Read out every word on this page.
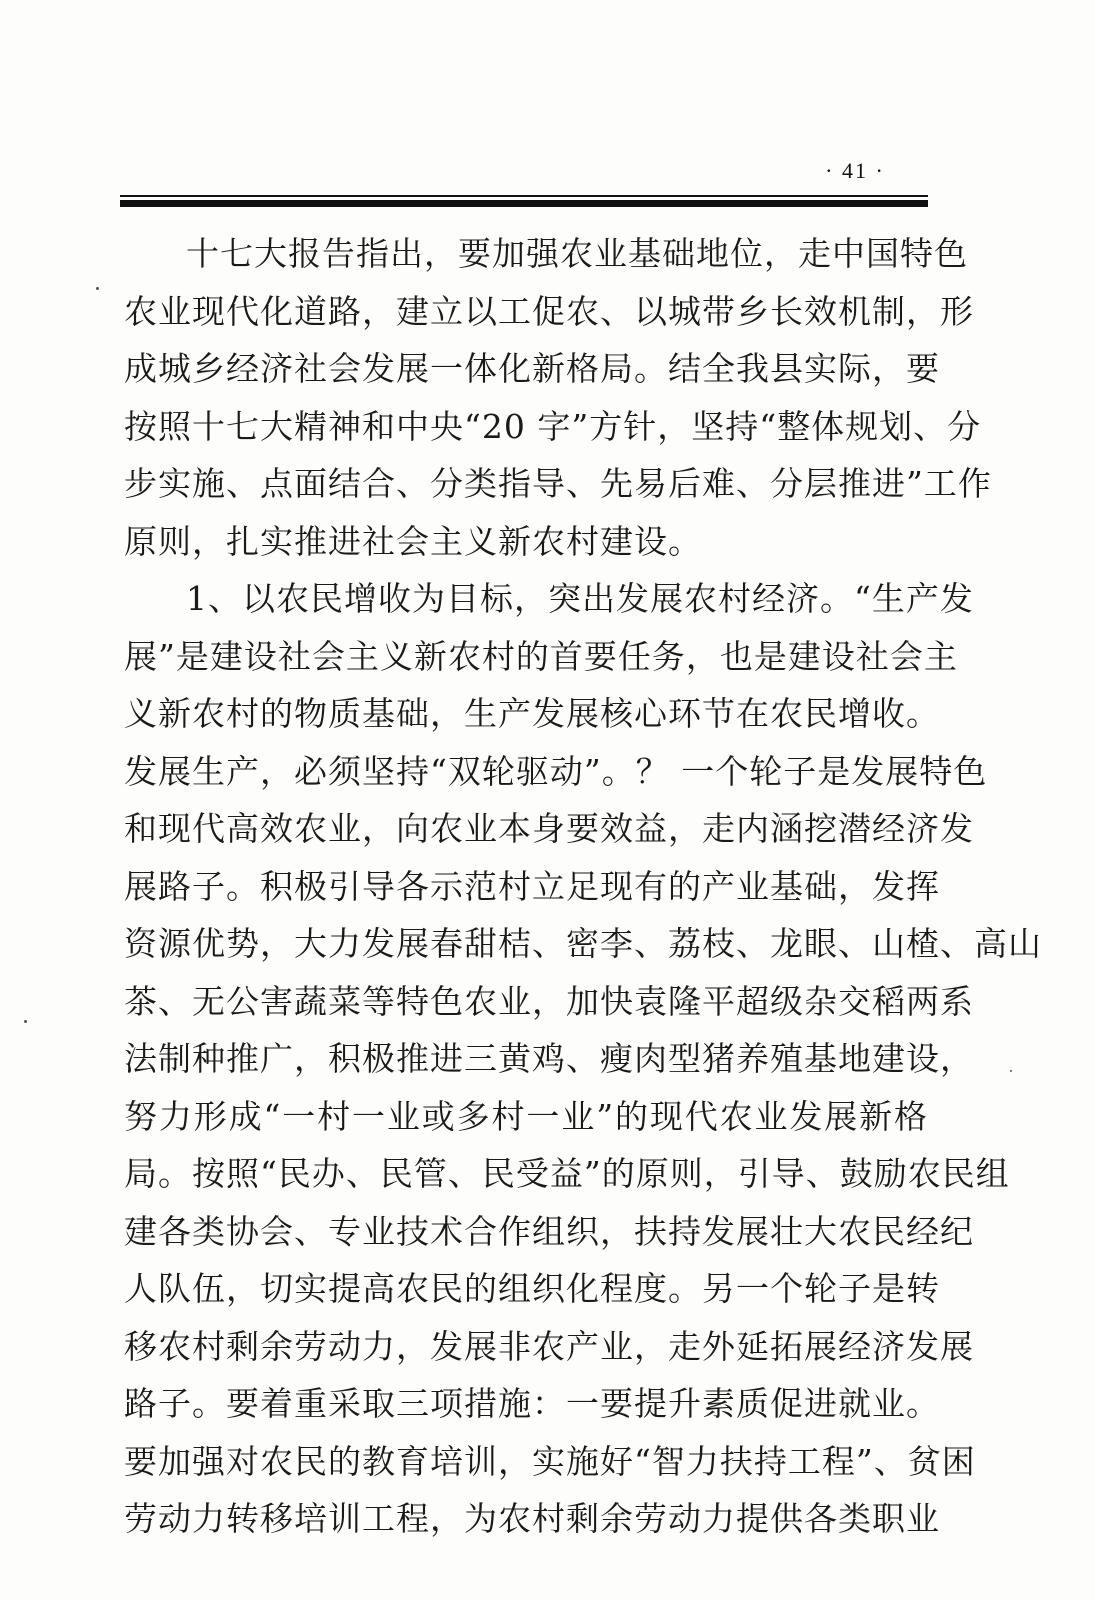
· 41 ·
十七大报告指出，要加强农业基础地位，走中国特色
农业现代化道路，建立以工促农、以城带乡长效机制，形
成城乡经济社会发展一体化新格局。结全我县实际，要
按照十七大精神和中央“20 字”方针，坚持“整体规划、分
步实施、点面结合、分类指导、先易后难、分层推进”工作
原则，扎实推进社会主义新农村建设。
1、以农民增收为目标，突出发展农村经济。“生产发
展”是建设社会主义新农村的首要任务，也是建设社会主
义新农村的物质基础，生产发展核心环节在农民增收。
发展生产，必须坚持“双轮驱动”。？ 一个轮子是发展特色
和现代高效农业，向农业本身要效益，走内涵挖潜经济发
展路子。积极引导各示范村立足现有的产业基础，发挥
资源优势，大力发展春甜桔、密李、荔枝、龙眼、山楂、高山
茶、无公害蔬菜等特色农业，加快袁隆平超级杂交稻两系
法制种推广，积极推进三黄鸡、瘦肉型猪养殖基地建设，
努力形成“一村一业或多村一业”的现代农业发展新格
局。按照“民办、民管、民受益”的原则，引导、鼓励农民组
建各类协会、专业技术合作组织，扶持发展壮大农民经纪
人队伍，切实提高农民的组织化程度。另一个轮子是转
移农村剩余劳动力，发展非农产业，走外延拓展经济发展
路子。要着重采取三项措施：一要提升素质促进就业。
要加强对农民的教育培训，实施好“智力扶持工程”、贫困
劳动力转移培训工程，为农村剩余劳动力提供各类职业
